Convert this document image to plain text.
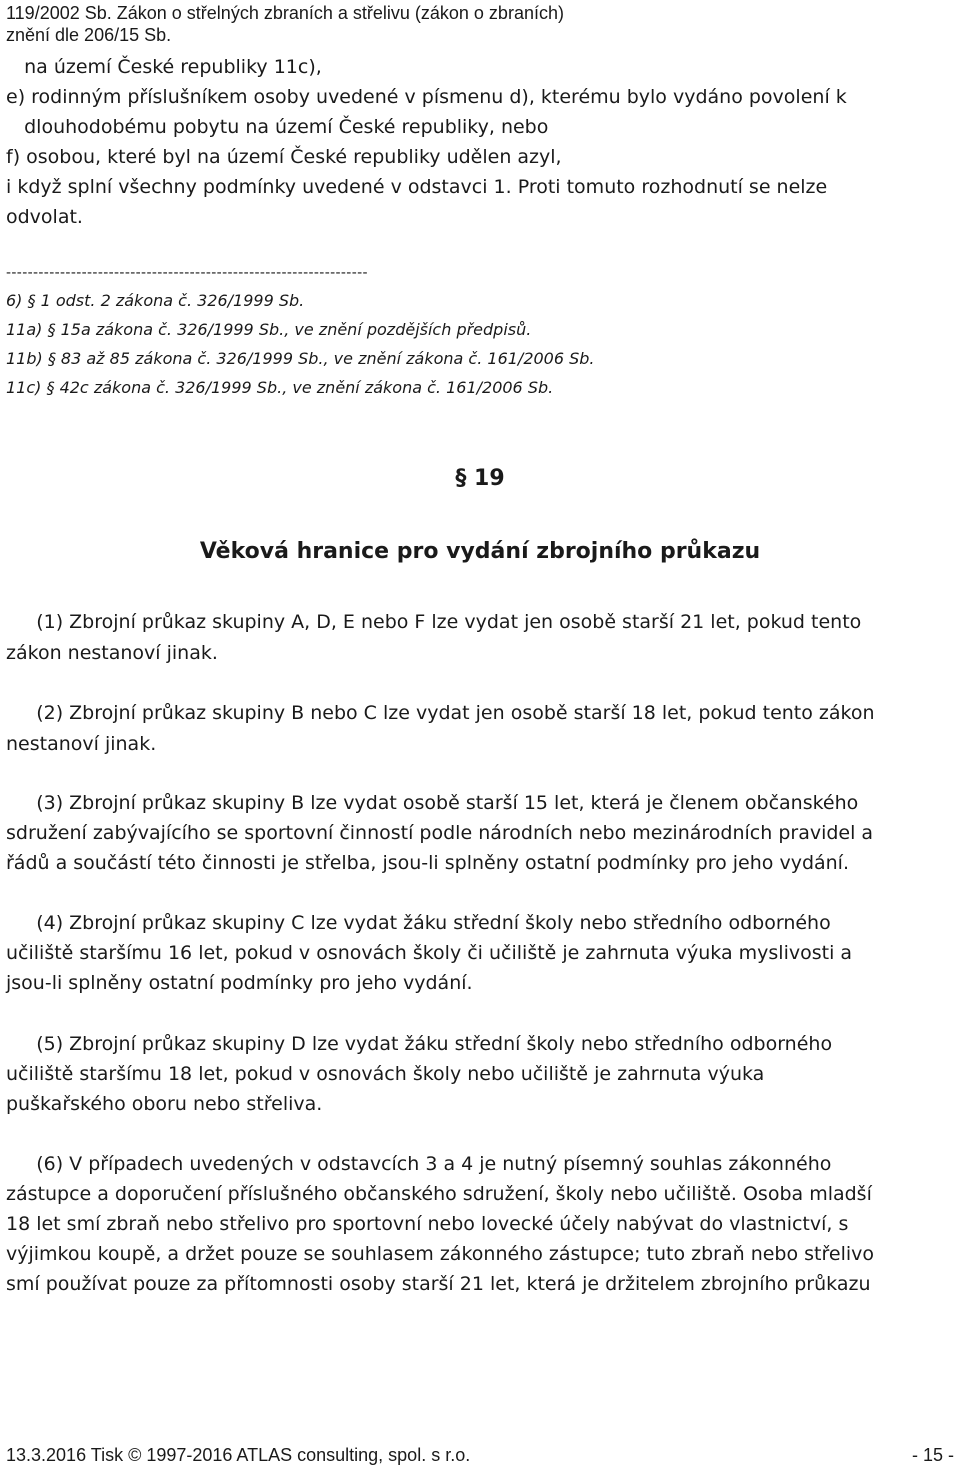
119/2002 Sb. Zákon o střelných zbraních a střelivu (zákon o zbraních)
znění dle 206/15 Sb.
na území České republiky 11c),
e) rodinným příslušníkem osoby uvedené v písmenu d), kterému bylo vydáno povolení k
dlouhodobému pobytu na území České republiky, nebo
f) osobou, které byl na území České republiky udělen azyl,
i když splní všechny podmínky uvedené v odstavci 1. Proti tomuto rozhodnutí se nelze
odvolat.
-------------------------------------------------------------------
6) § 1 odst. 2 zákona č. 326/1999 Sb.
11a) § 15a zákona č. 326/1999 Sb., ve znění pozdějších předpisů.
11b) § 83 až 85 zákona č. 326/1999 Sb., ve znění zákona č. 161/2006 Sb.
11c) § 42c zákona č. 326/1999 Sb., ve znění zákona č. 161/2006 Sb.
§ 19
Věková hranice pro vydání zbrojního průkazu
(1) Zbrojní průkaz skupiny A, D, E nebo F lze vydat jen osobě starší 21 let, pokud tento
zákon nestanoví jinak.
(2) Zbrojní průkaz skupiny B nebo C lze vydat jen osobě starší 18 let, pokud tento zákon
nestanoví jinak.
(3) Zbrojní průkaz skupiny B lze vydat osobě starší 15 let, která je členem občanského
sdružení zabývajícího se sportovní činností podle národních nebo mezinárodních pravidel a
řádů a součástí této činnosti je střelba, jsou-li splněny ostatní podmínky pro jeho vydání.
(4) Zbrojní průkaz skupiny C lze vydat žáku střední školy nebo středního odborného
učiliště staršímu 16 let, pokud v osnovách školy či učiliště je zahrnuta výuka myslivosti a
jsou-li splněny ostatní podmínky pro jeho vydání.
(5) Zbrojní průkaz skupiny D lze vydat žáku střední školy nebo středního odborného
učiliště staršímu 18 let, pokud v osnovách školy nebo učiliště je zahrnuta výuka
puškařského oboru nebo střeliva.
(6) V případech uvedených v odstavcích 3 a 4 je nutný písemný souhlas zákonného
zástupce a doporučení příslušného občanského sdružení, školy nebo učiliště. Osoba mladší
18 let smí zbraň nebo střelivo pro sportovní nebo lovecké účely nabývat do vlastnictví, s
výjimkou koupě, a držet pouze se souhlasem zákonného zástupce; tuto zbraň nebo střelivo
smí používat pouze za přítomnosti osoby starší 21 let, která je držitelem zbrojního průkazu
13.3.2016 Tisk © 1997-2016 ATLAS consulting, spol. s r.o.	- 15 -
